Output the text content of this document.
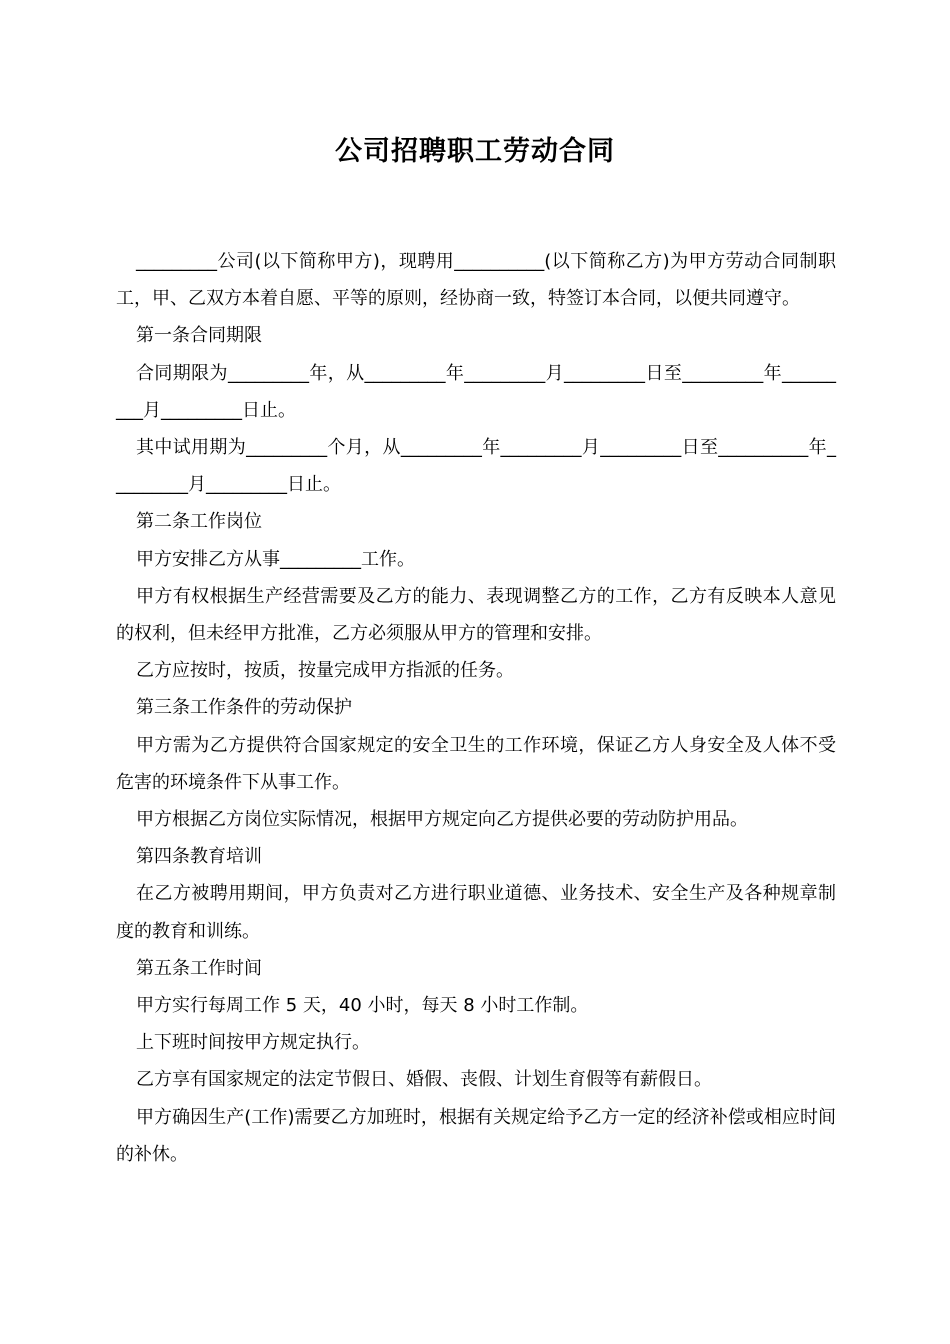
公司招聘职工劳动合同

_________公司(以下简称甲方)，现聘用__________(以下简称乙方)为甲方劳动合同制职工，甲、乙双方本着自愿、平等的原则，经协商一致，特签订本合同，以便共同遵守。

第一条合同期限

合同期限为_________年，从_________年_________月_________日至_________年_________月_________日止。

其中试用期为_________个月，从_________年_________月_________日至__________年_________月_________日止。

第二条工作岗位

甲方安排乙方从事_________工作。

甲方有权根据生产经营需要及乙方的能力、表现调整乙方的工作，乙方有反映本人意见的权利，但未经甲方批准，乙方必须服从甲方的管理和安排。

乙方应按时，按质，按量完成甲方指派的任务。

第三条工作条件的劳动保护

甲方需为乙方提供符合国家规定的安全卫生的工作环境，保证乙方人身安全及人体不受危害的环境条件下从事工作。

甲方根据乙方岗位实际情况，根据甲方规定向乙方提供必要的劳动防护用品。

第四条教育培训

在乙方被聘用期间，甲方负责对乙方进行职业道德、业务技术、安全生产及各种规章制度的教育和训练。

第五条工作时间

甲方实行每周工作 5 天，40 小时，每天 8 小时工作制。

上下班时间按甲方规定执行。

乙方享有国家规定的法定节假日、婚假、丧假、计划生育假等有薪假日。

甲方确因生产(工作)需要乙方加班时，根据有关规定给予乙方一定的经济补偿或相应时间的补休。
